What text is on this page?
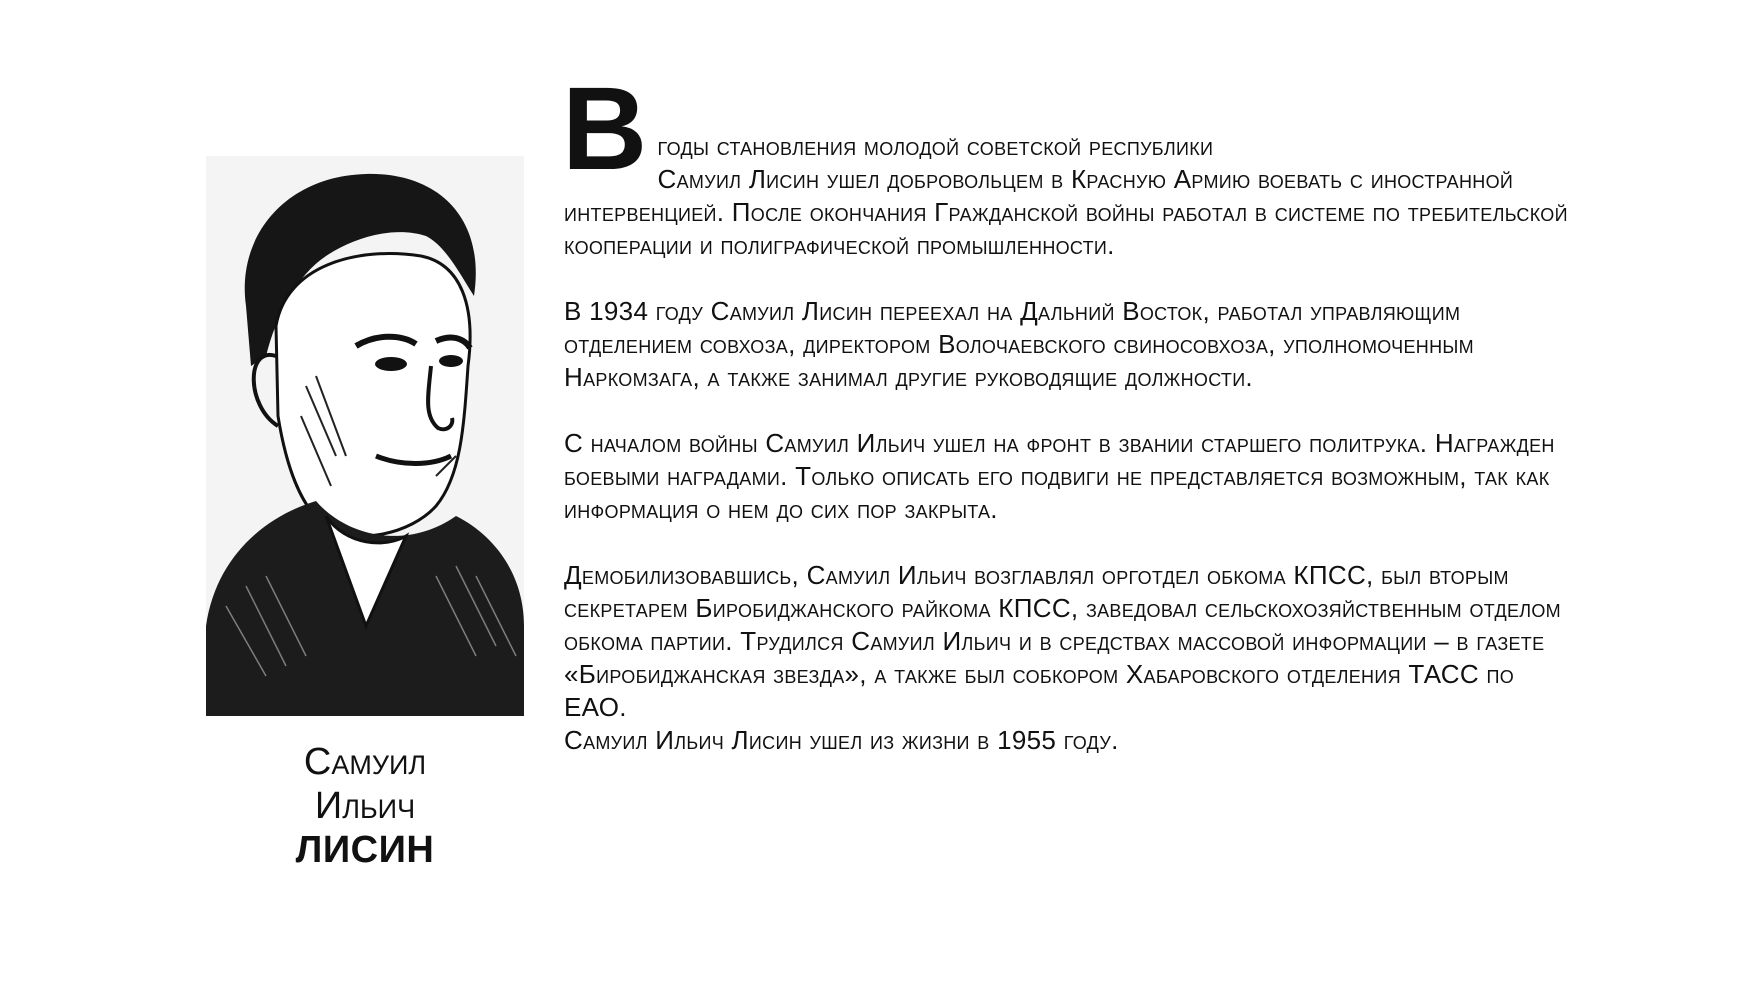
Самуил
Ильич
ЛИСИН

В годы становления молодой советской республики
Самуил Лисин ушел добровольцем в Красную Армию воевать с иностранной интервенцией. После окончания Гражданской войны работал в системе по требительской кооперации и полиграфической промышленности.

В 1934 году Самуил Лисин переехал на Дальний Восток, работал управляющим отделением совхоза, директором Волочаевского свиносовхоза, уполномоченным Наркомзага, а также занимал другие руководящие должности.

С началом войны Самуил Ильич ушел на фронт в звании старшего политрука. Награжден боевыми наградами. Только описать его подвиги не представляется возможным, так как информация о нем до сих пор закрыта.

Демобилизовавшись, Самуил Ильич возглавлял орготдел обкома КПСС, был вторым секретарем Биробиджанского райкома КПСС, заведовал сельскохозяйственным отделом обкома партии. Трудился Самуил Ильич и в средствах массовой информации – в газете «Биробиджанская звезда», а также был собкором Хабаровского отделения ТАСС по ЕАО.

Самуил Ильич Лисин ушел из жизни в 1955 году.
